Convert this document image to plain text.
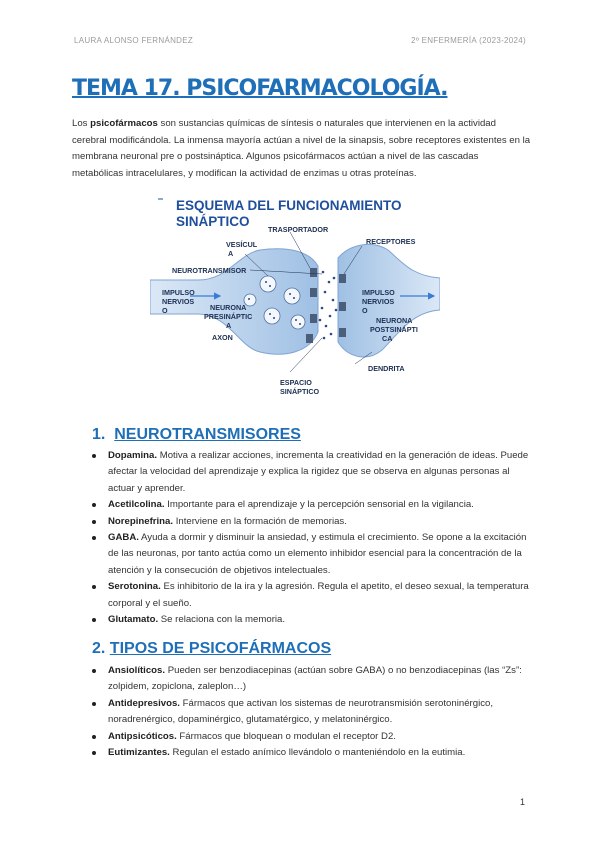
LAURA ALONSO FERNÁNDEZ	2º ENFERMERÍA (2023-2024)
TEMA 17. PSICOFARMACOLOGÍA.

Los psicofármacos son sustancias químicas de síntesis o naturales que intervienen en la actividad cerebral modificándola. La inmensa mayoría actúan a nivel de la sinapsis, sobre receptores existentes en la membrana neuronal pre o postsináptica. Algunos psicofármacos actúan a nivel de las cascadas metabólicas intracelulares, y modifican la actividad de enzimas u otras proteínas.

ESQUEMA DEL FUNCIONAMIENTO
SINÁPTICO
TRASPORTADOR
VESÍCUL
A
RECEPTORES
NEUROTRANSMISOR
IMPULSO
NERVIOS
O	NEURONA
PRESINÁPTIC
A
AXON
IMPULSO
NERVIOS
O
NEURONA
POSTSINÁPTI
CA
DENDRITA
ESPACIO
SINÁPTICO
1. NEUROTRANSMISORES
Dopamina. Motiva a realizar acciones, incrementa la creatividad en la generación de ideas. Puede afectar la velocidad del aprendizaje y explica la rigidez que se observa en algunas personas al actuar y aprender.
Acetilcolina. Importante para el aprendizaje y la percepción sensorial en la vigilancia.
Norepinefrina. Interviene en la formación de memorias.
GABA. Ayuda a dormir y disminuir la ansiedad, y estimula el crecimiento. Se opone a la excitación de las neuronas, por tanto actúa como un elemento inhibidor esencial para la concentración de la atención y la consecución de objetivos intelectuales.
Serotonina. Es inhibitorio de la ira y la agresión. Regula el apetito, el deseo sexual, la temperatura corporal y el sueño.
Glutamato. Se relaciona con la memoria.
2. TIPOS DE PSICOFÁRMACOS
Ansiolíticos. Pueden ser benzodiacepinas (actúan sobre GABA) o no benzodiacepinas (las “Zs”: zolpidem, zopiclona, zaleplon…)
Antidepresivos. Fármacos que activan los sistemas de neurotransmisión serotoninérgico, noradrenérgico, dopaminérgico, glutamatérgico, y melatoninérgico.
Antipsicóticos. Fármacos que bloquean o modulan el receptor D2.
Eutimizantes. Regulan el estado anímico llevándolo o manteniéndolo en la eutimia.
1
